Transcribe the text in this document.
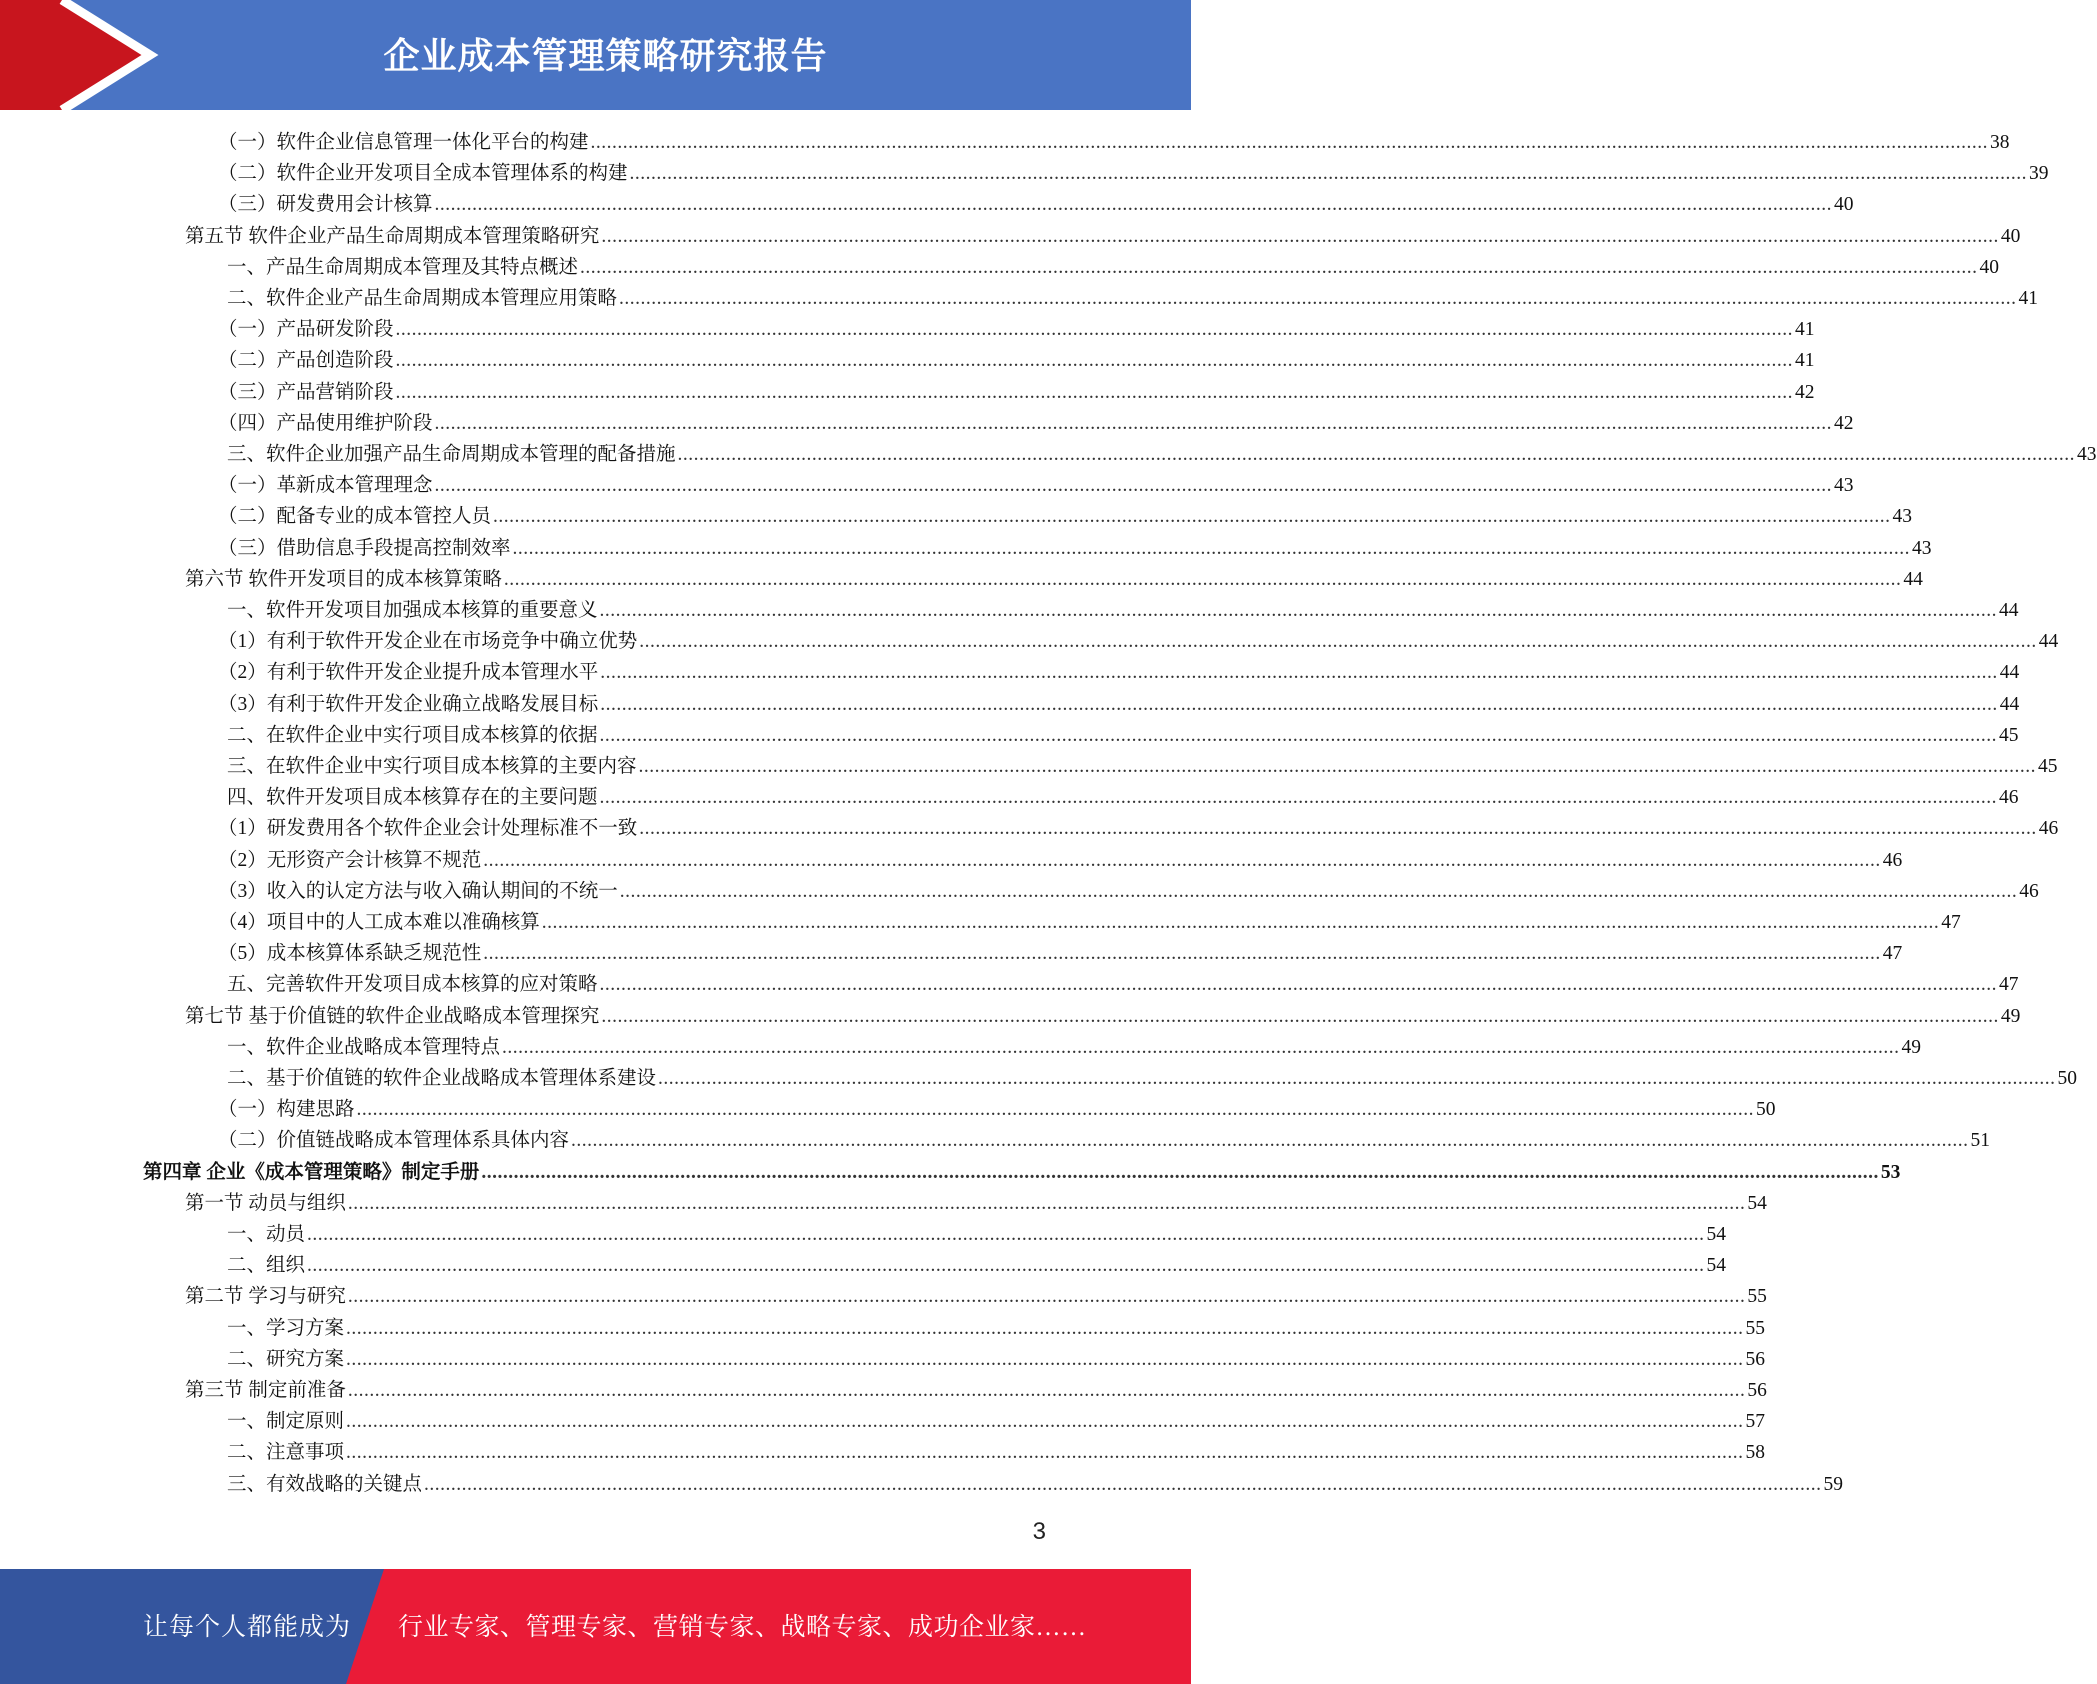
企业成本管理策略研究报告
（一）软件企业信息管理一体化平台的构建 .................................................................................................................................................................................................................................................................... 38
（二）软件企业开发项目全成本管理体系的构建 .................................................................................................................................................................................................................................................................... 39
（三）研发费用会计核算 .................................................................................................................................................................................................................................................................... 40
第五节 软件企业产品生命周期成本管理策略研究 .................................................................................................................................................................................................................................................................... 40
一、产品生命周期成本管理及其特点概述 .................................................................................................................................................................................................................................................................... 40
二、软件企业产品生命周期成本管理应用策略 .................................................................................................................................................................................................................................................................... 41
（一）产品研发阶段 .................................................................................................................................................................................................................................................................... 41
（二）产品创造阶段 .................................................................................................................................................................................................................................................................... 41
（三）产品营销阶段 .................................................................................................................................................................................................................................................................... 42
（四）产品使用维护阶段 .................................................................................................................................................................................................................................................................... 42
三、软件企业加强产品生命周期成本管理的配备措施 .................................................................................................................................................................................................................................................................... 43
（一）革新成本管理理念 .................................................................................................................................................................................................................................................................... 43
（二）配备专业的成本管控人员 .................................................................................................................................................................................................................................................................... 43
（三）借助信息手段提高控制效率 .................................................................................................................................................................................................................................................................... 43
第六节 软件开发项目的成本核算策略 .................................................................................................................................................................................................................................................................... 44
一、软件开发项目加强成本核算的重要意义 .................................................................................................................................................................................................................................................................... 44
（1）有利于软件开发企业在市场竞争中确立优势 .................................................................................................................................................................................................................................................................... 44
（2）有利于软件开发企业提升成本管理水平 .................................................................................................................................................................................................................................................................... 44
（3）有利于软件开发企业确立战略发展目标 .................................................................................................................................................................................................................................................................... 44
二、在软件企业中实行项目成本核算的依据 .................................................................................................................................................................................................................................................................... 45
三、在软件企业中实行项目成本核算的主要内容 .................................................................................................................................................................................................................................................................... 45
四、软件开发项目成本核算存在的主要问题 .................................................................................................................................................................................................................................................................... 46
（1）研发费用各个软件企业会计处理标准不一致 .................................................................................................................................................................................................................................................................... 46
（2）无形资产会计核算不规范 .................................................................................................................................................................................................................................................................... 46
（3）收入的认定方法与收入确认期间的不统一 .................................................................................................................................................................................................................................................................... 46
（4）项目中的人工成本难以准确核算 .................................................................................................................................................................................................................................................................... 47
（5）成本核算体系缺乏规范性 .................................................................................................................................................................................................................................................................... 47
五、完善软件开发项目成本核算的应对策略 .................................................................................................................................................................................................................................................................... 47
第七节 基于价值链的软件企业战略成本管理探究 .................................................................................................................................................................................................................................................................... 49
一、软件企业战略成本管理特点 .................................................................................................................................................................................................................................................................... 49
二、基于价值链的软件企业战略成本管理体系建设 .................................................................................................................................................................................................................................................................... 50
（一）构建思路 .................................................................................................................................................................................................................................................................... 50
（二）价值链战略成本管理体系具体内容 .................................................................................................................................................................................................................................................................... 51
第四章 企业《成本管理策略》制定手册 .................................................................................................................................................................................................................................................................... 53
第一节 动员与组织 .................................................................................................................................................................................................................................................................... 54
一、动员 .................................................................................................................................................................................................................................................................... 54
二、组织 .................................................................................................................................................................................................................................................................... 54
第二节 学习与研究 .................................................................................................................................................................................................................................................................... 55
一、学习方案 .................................................................................................................................................................................................................................................................... 55
二、研究方案 .................................................................................................................................................................................................................................................................... 56
第三节 制定前准备 .................................................................................................................................................................................................................................................................... 56
一、制定原则 .................................................................................................................................................................................................................................................................... 57
二、注意事项 .................................................................................................................................................................................................................................................................... 58
三、有效战略的关键点 .................................................................................................................................................................................................................................................................... 59
3
让每个人都能成为 行业专家、管理专家、营销专家、战略专家、成功企业家……
